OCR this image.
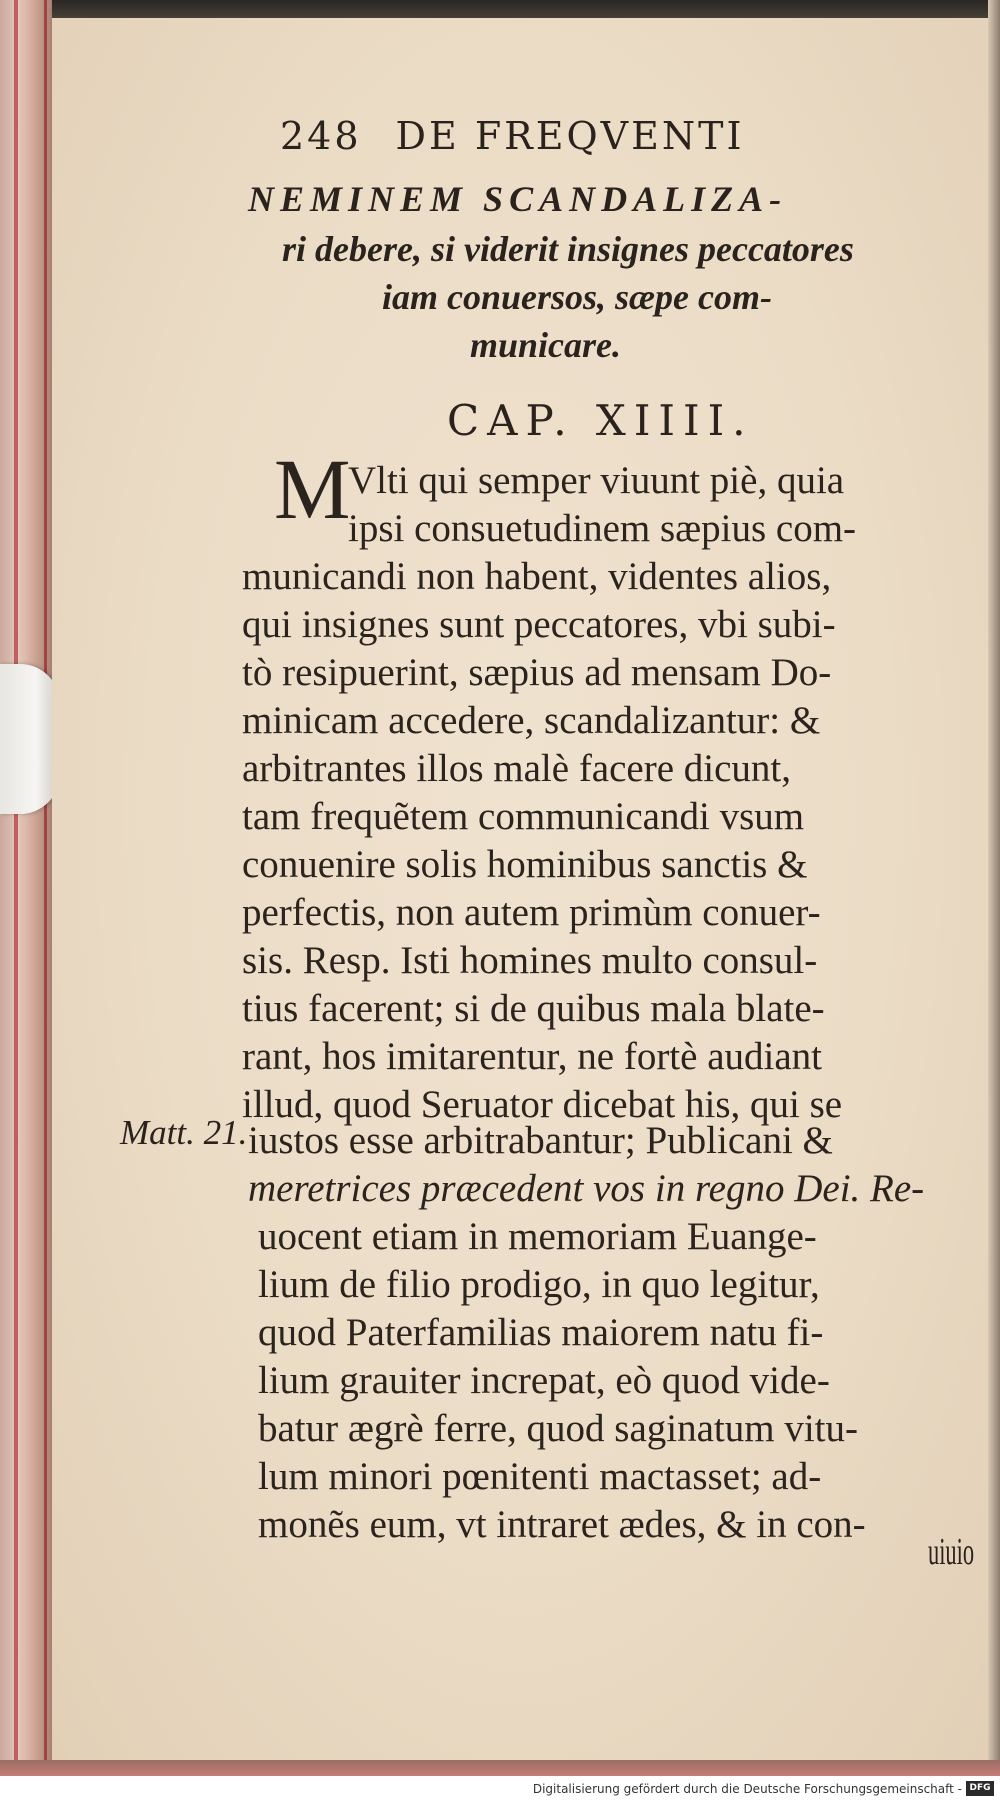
248 DE FREQVENTI
NEMINEM SCANDALIZA-
ri debere, si viderit insignes peccatores
iam conuersos, sæpe com-
municare.
CAP. XIIII.
M
Vlti qui semper viuunt piè, quia
ipsi consuetudinem sæpius com-
municandi non habent, videntes alios,
qui insignes sunt peccatores, vbi subi-
tò resipuerint, sæpius ad mensam Do-
minicam accedere, scandalizantur: &
arbitrantes illos malè facere dicunt,
tam frequẽtem communicandi vsum
conuenire solis hominibus sanctis &
perfectis, non autem primùm conuer-
sis. Resp. Isti homines multo consul-
tius facerent; si de quibus mala blate-
rant, hos imitarentur, ne fortè audiant
illud, quod Seruator dicebat his, qui se
Matt. 21. iustos esse arbitrabantur; Publicani &
meretrices præcedent vos in regno Dei. Re-
uocent etiam in memoriam Euange-
lium de filio prodigo, in quo legitur,
quod Paterfamilias maiorem natu fi-
lium grauiter increpat, eò quod vide-
batur ægrè ferre, quod saginatum vitu-
lum minori pœnitenti mactasset; ad-
monẽs eum, vt intraret ædes, & in con-
uiuio
Digitalisierung gefördert durch die Deutsche Forschungsgemeinschaft - DFG
